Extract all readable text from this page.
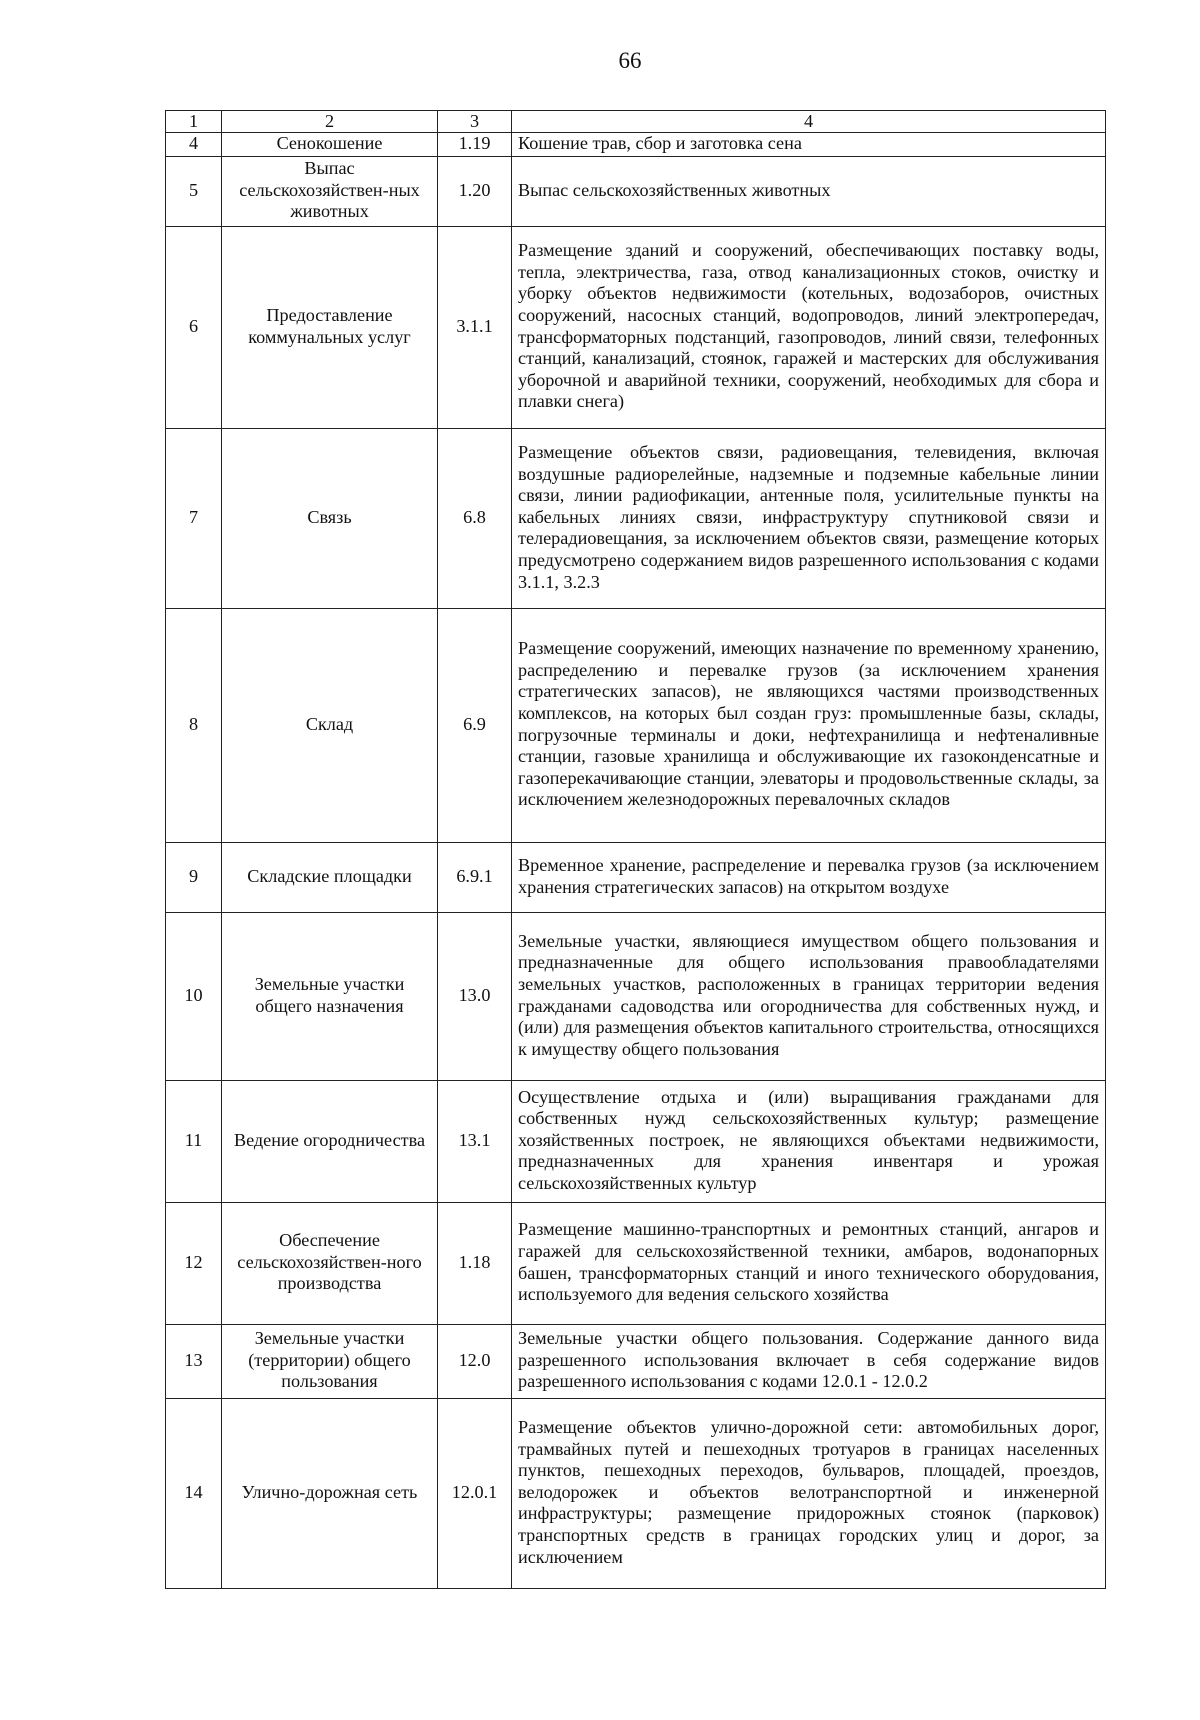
66
1	2	3	4
4	Сенокошение	1.19	Кошение трав, сбор и заготовка сена
5	Выпас сельскохозяйствен-ных животных	1.20	Выпас сельскохозяйственных животных
6	Предоставление коммунальных услуг	3.1.1	Размещение зданий и сооружений, обеспечивающих поставку воды, тепла, электричества, газа, отвод канализационных стоков, очистку и уборку объектов недвижимости (котельных, водозаборов, очистных сооружений, насосных станций, водопроводов, линий электропередач, трансформаторных подстанций, газопроводов, линий связи, телефонных станций, канализаций, стоянок, гаражей и мастерских для обслуживания уборочной и аварийной техники, сооружений, необходимых для сбора и плавки снега)
7	Связь	6.8	Размещение объектов связи, радиовещания, телевидения, включая воздушные радиорелейные, надземные и подземные кабельные линии связи, линии радиофикации, антенные поля, усилительные пункты на кабельных линиях связи, инфраструктуру спутниковой связи и телерадиовещания, за исключением объектов связи, размещение которых предусмотрено содержанием видов разрешенного использования с кодами 3.1.1, 3.2.3
8	Склад	6.9	Размещение сооружений, имеющих назначение по временному хранению, распределению и перевалке грузов (за исключением хранения стратегических запасов), не являющихся частями производственных комплексов, на которых был создан груз: промышленные базы, склады, погрузочные терминалы и доки, нефтехранилища и нефтеналивные станции, газовые хранилища и обслуживающие их газоконденсатные и газоперекачивающие станции, элеваторы и продовольственные склады, за исключением железнодорожных перевалочных складов
9	Складские площадки	6.9.1	Временное хранение, распределение и перевалка грузов (за исключением хранения стратегических запасов) на открытом воздухе
10	Земельные участки общего назначения	13.0	Земельные участки, являющиеся имуществом общего пользования и предназначенные для общего использования правообладателями земельных участков, расположенных в границах территории ведения гражданами садоводства или огородничества для собственных нужд, и (или) для размещения объектов капитального строительства, относящихся к имуществу общего пользования
11	Ведение огородничества	13.1	Осуществление отдыха и (или) выращивания гражданами для собственных нужд сельскохозяйственных культур; размещение хозяйственных построек, не являющихся объектами недвижимости, предназначенных для хранения инвентаря и урожая сельскохозяйственных культур
12	Обеспечение сельскохозяйствен-ного производства	1.18	Размещение машинно-транспортных и ремонтных станций, ангаров и гаражей для сельскохозяйственной техники, амбаров, водонапорных башен, трансформаторных станций и иного технического оборудования, используемого для ведения сельского хозяйства
13	Земельные участки (территории) общего пользования	12.0	Земельные участки общего пользования. Содержание данного вида разрешенного использования включает в себя содержание видов разрешенного использования с кодами 12.0.1 - 12.0.2
14	Улично-дорожная сеть	12.0.1	Размещение объектов улично-дорожной сети: автомобильных дорог, трамвайных путей и пешеходных тротуаров в границах населенных пунктов, пешеходных переходов, бульваров, площадей, проездов, велодорожек и объектов велотранспортной и инженерной инфраструктуры; размещение придорожных стоянок (парковок) транспортных средств в границах городских улиц и дорог, за исключением
